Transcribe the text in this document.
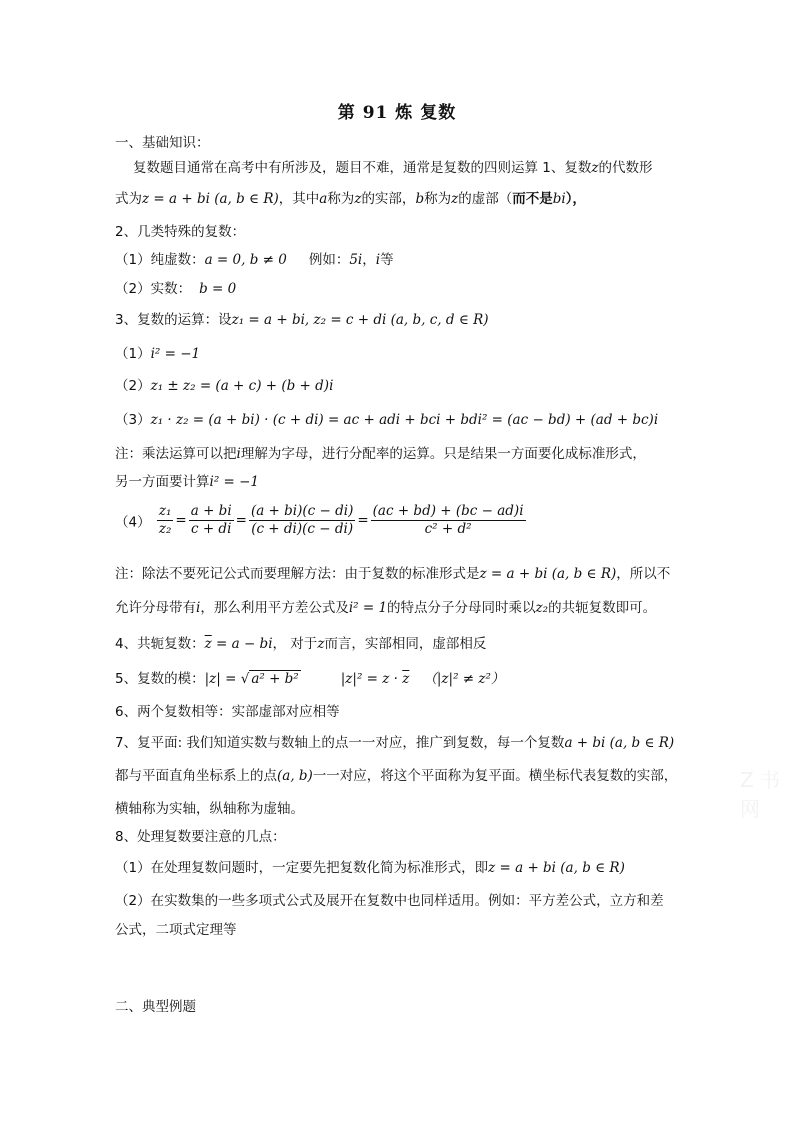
第 91 炼 复数
一、基础知识：
复数题目通常在高考中有所涉及，题目不难，通常是复数的四则运算 1、复数z的代数形
式为z = a + bi (a, b ∈ R)，其中a称为z的实部，b称为z的虚部（而不是bi），
2、几类特殊的复数：
（1）纯虚数：a = 0, b ≠ 0 例如：5i，i等
（2）实数： b = 0
3、复数的运算：设z₁ = a + bi, z₂ = c + di (a, b, c, d ∈ R)
（1）i² = −1
（2）z₁ ± z₂ = (a + c) + (b + d)i
（3）z₁ · z₂ = (a + bi) · (c + di) = ac + adi + bci + bdi² = (ac − bd) + (ad + bc)i
注：乘法运算可以把i理解为字母，进行分配率的运算。只是结果一方面要化成标准形式，
另一方面要计算i² = −1
$(4) \frac{\text{z₁}}{\text{z₂}} = \frac{a + bi}{c + di} = \frac{(a + bi)(c - di)}{(c + di)(c - di)} = \frac{(ac + bd) + (bc - ad)i}{\text{c² + d²}}$
注：除法不要死记公式而要理解方法：由于复数的标准形式是z = a + bi (a, b ∈ R)，所以不
允许分母带有i，那么利用平方差公式及i² = 1的特点分子分母同时乘以z₂的共轭复数即可。
4、共轭复数：$\overline{z} = a$ − bi， 对于z而言，实部相同，虚部相反
5、复数的模：|z| = √ a² + b²	$|z|^2 = z \cdot \overline{z}$ （|z|² ≠ z²）
6、两个复数相等：实部虚部对应相等
7、复平面: 我们知道实数与数轴上的点一一对应，推广到复数，每一个复数a + bi (a, b ∈ R)
都与平面直角坐标系上的点(a, b)一一对应，将这个平面称为复平面。横坐标代表复数的实部，
横轴称为实轴，纵轴称为虚轴。
8、处理复数要注意的几点：
（1）在处理复数问题时，一定要先把复数化简为标准形式，即z = a + bi (a, b ∈ R)
（2）在实数集的一些多项式公式及展开在复数中也同样适用。例如：平方差公式，立方和差
公式，二项式定理等
二、典型例题
Z 书网
